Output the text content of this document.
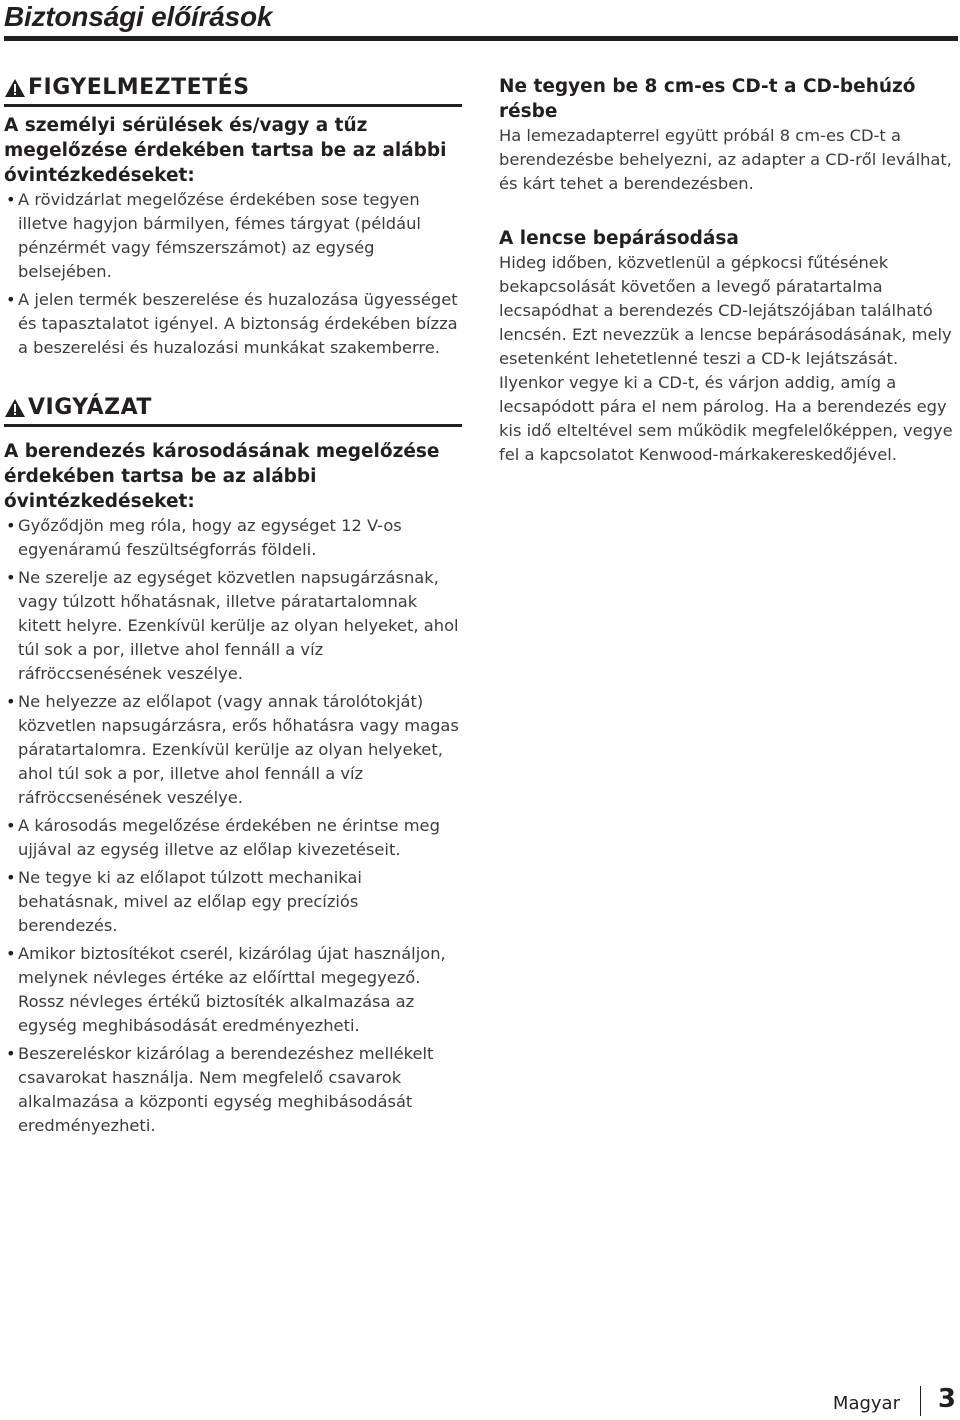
Biztonsági előírások
FIGYELMEZTETÉS
A személyi sérülések és/vagy a tűz megelőzése érdekében tartsa be az alábbi óvintézkedéseket:
• A rövidzárlat megelőzése érdekében sose tegyen illetve hagyjon bármilyen, fémes tárgyat (például pénzérmét vagy fémszerszámot) az egység belsejében.
• A jelen termék beszerelése és huzalozása ügyességet és tapasztalatot igényel. A biztonság érdekében bízza a beszerelési és huzalozási munkákat szakemberre.
VIGYÁZAT
A berendezés károsodásának megelőzése érdekében tartsa be az alábbi óvintézkedéseket:
• Győződjön meg róla, hogy az egységet 12 V-os egyenáramú feszültségforrás földeli.
• Ne szerelje az egységet közvetlen napsugárzásnak, vagy túlzott hőhatásnak, illetve páratartalomnak kitett helyre. Ezenkívül kerülje az olyan helyeket, ahol túl sok a por, illetve ahol fennáll a víz ráfröccsenésének veszélye.
• Ne helyezze az előlapot (vagy annak tárolótokját) közvetlen napsugárzásra, erős hőhatásra vagy magas páratartalomra. Ezenkívül kerülje az olyan helyeket, ahol túl sok a por, illetve ahol fennáll a víz ráfröccsenésének veszélye.
• A károsodás megelőzése érdekében ne érintse meg ujjával az egység illetve az előlap kivezetéseit.
• Ne tegye ki az előlapot túlzott mechanikai behatásnak, mivel az előlap egy precíziós berendezés.
• Amikor biztosítékot cserél, kizárólag újat használjon, melynek névleges értéke az előírttal megegyező. Rossz névleges értékű biztosíték alkalmazása az egység meghibásodását eredményezheti.
• Beszereléskor kizárólag a berendezéshez mellékelt csavarokat használja. Nem megfelelő csavarok alkalmazása a központi egység meghibásodását eredményezheti.
Ne tegyen be 8 cm-es CD-t a CD-behúzó résbe
Ha lemezadapterrel együtt próbál 8 cm-es CD-t a berendezésbe behelyezni, az adapter a CD-ről leválhat, és kárt tehet a berendezésben.
A lencse bepárásodása
Hideg időben, közvetlenül a gépkocsi fűtésének bekapcsolását követően a levegő páratartalma lecsapódhat a berendezés CD-lejátszójában található lencsén. Ezt nevezzük a lencse bepárásodásának, mely esetenként lehetetlenné teszi a CD-k lejátszását. Ilyenkor vegye ki a CD-t, és várjon addig, amíg a lecsapódott pára el nem párolog. Ha a berendezés egy kis idő elteltével sem működik megfelelőképpen, vegye fel a kapcsolatot Kenwood-márkakereskedőjével.
Magyar 3
